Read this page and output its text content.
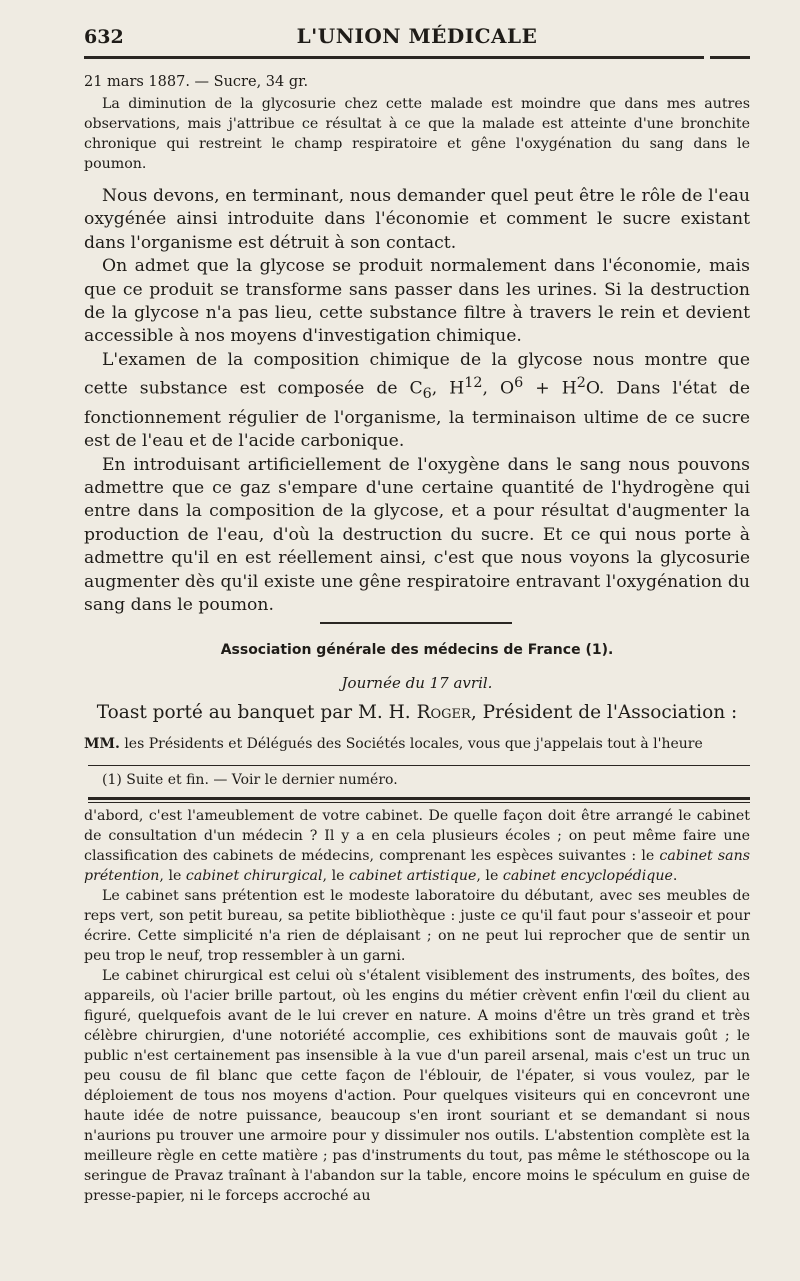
632	L'UNION MÉDICALE

21 mars 1887. — Sucre, 34 gr.

La diminution de la glycosurie chez cette malade est moindre que dans mes autres observations, mais j'attribue ce résultat à ce que la malade est atteinte d'une bronchite chronique qui restreint le champ respiratoire et gêne l'oxygénation du sang dans le poumon.

Nous devons, en terminant, nous demander quel peut être le rôle de l'eau oxygénée ainsi introduite dans l'économie et comment le sucre existant dans l'organisme est détruit à son contact.

On admet que la glycose se produit normalement dans l'économie, mais que ce produit se transforme sans passer dans les urines. Si la destruction de la glycose n'a pas lieu, cette substance filtre à travers le rein et devient accessible à nos moyens d'investigation chimique.

L'examen de la composition chimique de la glycose nous montre que cette substance est composée de $C_6$, $H^{12}$, $O^6 + H^2O$. Dans l'état de fonctionnement régulier de l'organisme, la terminaison ultime de ce sucre est de l'eau et de l'acide carbonique.

En introduisant artificiellement de l'oxygène dans le sang nous pouvons admettre que ce gaz s'empare d'une certaine quantité de l'hydrogène qui entre dans la composition de la glycose, et a pour résultat d'augmenter la production de l'eau, d'où la destruction du sucre. Et ce qui nous porte à admettre qu'il en est réellement ainsi, c'est que nous voyons la glycosurie augmenter dès qu'il existe une gêne respiratoire entravant l'oxygénation du sang dans le poumon.

Association générale des médecins de France (1).
Journée du 17 avril.
Toast porté au banquet par M. H. Roger, Président de l'Association :

MM. les Présidents et Délégués des Sociétés locales, vous que j'appelais tout à l'heure

(1) Suite et fin. — Voir le dernier numéro.

d'abord, c'est l'ameublement de votre cabinet. De quelle façon doit être arrangé le cabinet de consultation d'un médecin ? Il y a en cela plusieurs écoles ; on peut même faire une classification des cabinets de médecins, comprenant les espèces suivantes : le cabinet sans prétention, le cabinet chirurgical, le cabinet artistique, le cabinet encyclopédique.

Le cabinet sans prétention est le modeste laboratoire du débutant, avec ses meubles de reps vert, son petit bureau, sa petite bibliothèque : juste ce qu'il faut pour s'asseoir et pour écrire. Cette simplicité n'a rien de déplaisant ; on ne peut lui reprocher que de sentir un peu trop le neuf, trop ressembler à un garni.

Le cabinet chirurgical est celui où s'étalent visiblement des instruments, des boîtes, des appareils, où l'acier brille partout, où les engins du métier crèvent enfin l'œil du client au figuré, quelquefois avant de le lui crever en nature. A moins d'être un très grand et très célèbre chirurgien, d'une notoriété accomplie, ces exhibitions sont de mauvais goût ; le public n'est certainement pas insensible à la vue d'un pareil arsenal, mais c'est un truc un peu cousu de fil blanc que cette façon de l'éblouir, de l'épater, si vous voulez, par le déploiement de tous nos moyens d'action. Pour quelques visiteurs qui en concevront une haute idée de notre puissance, beaucoup s'en iront souriant et se demandant si nous n'aurions pu trouver une armoire pour y dissimuler nos outils. L'abstention complète est la meilleure règle en cette matière ; pas d'instruments du tout, pas même le stéthoscope ou la seringue de Pravaz traînant à l'abandon sur la table, encore moins le spéculum en guise de presse-papier, ni le forceps accroché au
